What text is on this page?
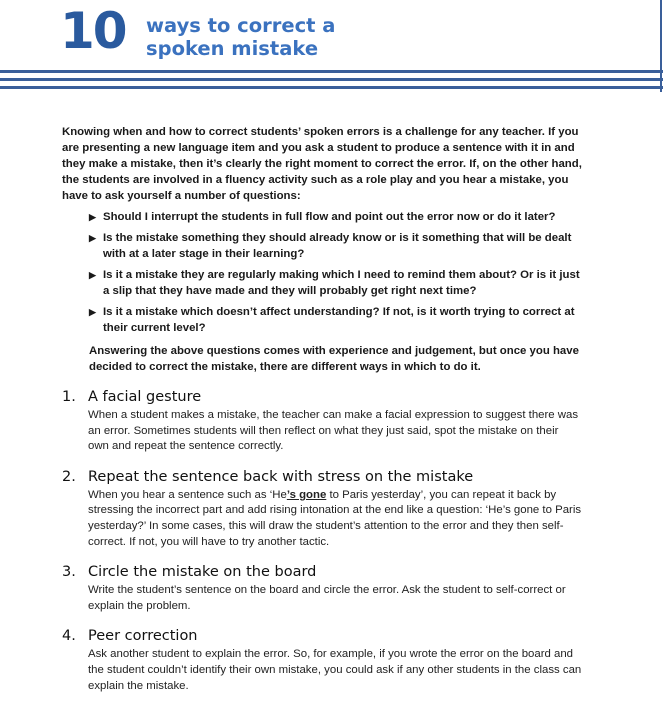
10 ways to correct a
spoken mistake

Knowing when and how to correct students’ spoken errors is a challenge for any teacher. If you are presenting a new language item and you ask a student to produce a sentence with it in and they make a mistake, then it’s clearly the right moment to correct the error. If, on the other hand, the students are involved in a fluency activity such as a role play and you hear a mistake, you have to ask yourself a number of questions:

▶ Should I interrupt the students in full flow and point out the error now or do it later?
▶ Is the mistake something they should already know or is it something that will be dealt with at a later stage in their learning?
▶ Is it a mistake they are regularly making which I need to remind them about? Or is it just a slip that they have made and they will probably get right next time?
▶ Is it a mistake which doesn’t affect understanding? If not, is it worth trying to correct at their current level?

Answering the above questions comes with experience and judgement, but once you have decided to correct the mistake, there are different ways in which to do it.

1. A facial gesture

When a student makes a mistake, the teacher can make a facial expression to suggest there was an error. Sometimes students will then reflect on what they just said, spot the mistake on their own and repeat the sentence correctly.

2. Repeat the sentence back with stress on the mistake

When you hear a sentence such as ‘He’s gone to Paris yesterday’, you can repeat it back by stressing the incorrect part and add rising intonation at the end like a question: ‘He’s gone to Paris yesterday?’ In some cases, this will draw the student’s attention to the error and they then self-correct. If not, you will have to try another tactic.

3. Circle the mistake on the board

Write the student’s sentence on the board and circle the error. Ask the student to self-correct or explain the problem.

4. Peer correction

Ask another student to explain the error. So, for example, if you wrote the error on the board and the student couldn’t identify their own mistake, you could ask if any other students in the class can explain the mistake.
